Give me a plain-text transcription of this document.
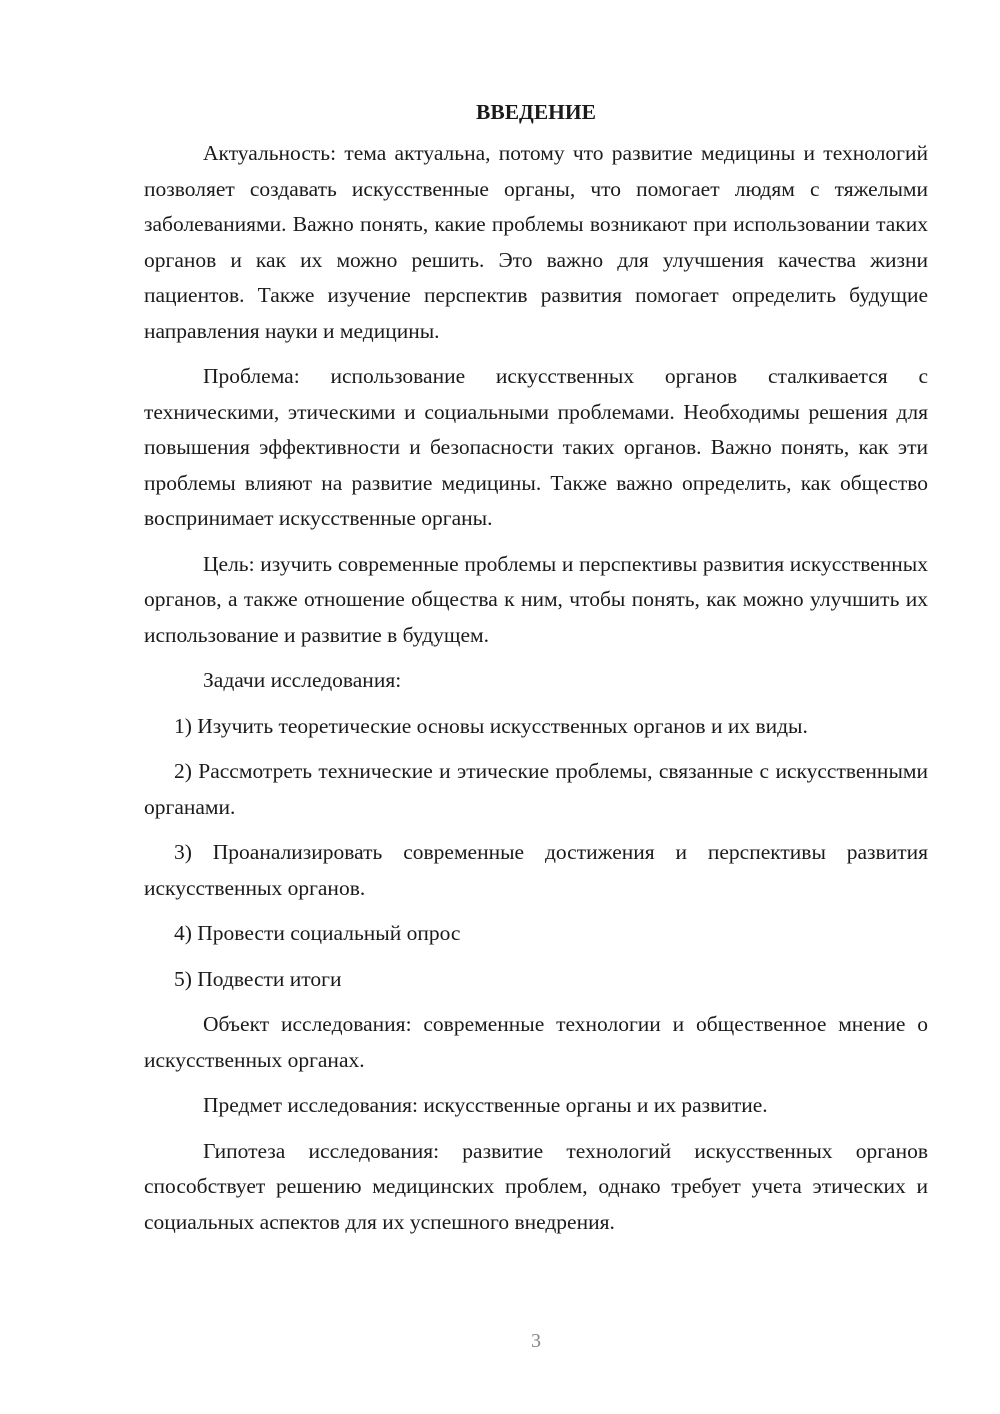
ВВЕДЕНИЕ

Актуальность: тема актуальна, потому что развитие медицины и технологий позволяет создавать искусственные органы, что помогает людям с тяжелыми заболеваниями. Важно понять, какие проблемы возникают при использовании таких органов и как их можно решить. Это важно для улучшения качества жизни пациентов. Также изучение перспектив развития помогает определить будущие направления науки и медицины.

Проблема: использование искусственных органов сталкивается с техническими, этическими и социальными проблемами. Необходимы решения для повышения эффективности и безопасности таких органов. Важно понять, как эти проблемы влияют на развитие медицины. Также важно определить, как общество воспринимает искусственные органы.

Цель: изучить современные проблемы и перспективы развития искусственных органов, а также отношение общества к ним, чтобы понять, как можно улучшить их использование и развитие в будущем.

Задачи исследования:

1) Изучить теоретические основы искусственных органов и их виды.

2) Рассмотреть технические и этические проблемы, связанные с искусственными органами.

3) Проанализировать современные достижения и перспективы развития искусственных органов.

4) Провести социальный опрос

5) Подвести итоги

Объект исследования: современные технологии и общественное мнение о искусственных органах.

Предмет исследования: искусственные органы и их развитие.

Гипотеза исследования: развитие технологий искусственных органов способствует решению медицинских проблем, однако требует учета этических и социальных аспектов для их успешного внедрения.

3
